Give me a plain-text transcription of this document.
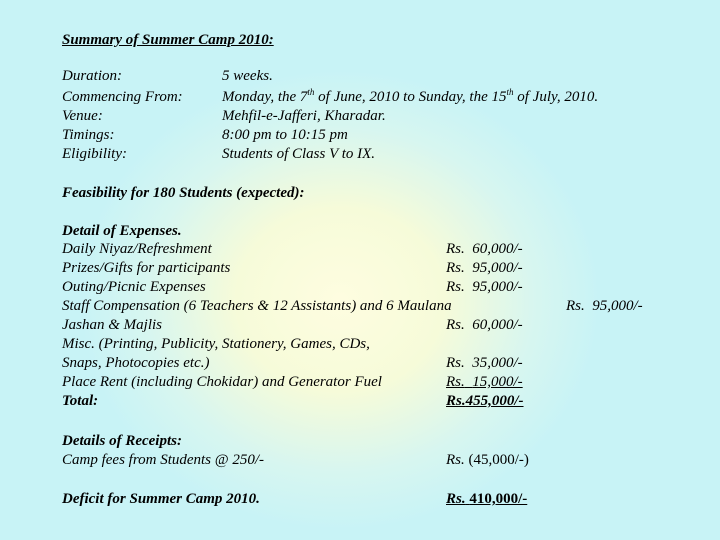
Summary of Summer Camp 2010:
Duration:	5 weeks.
Commencing From:	Monday, the 7th of June, 2010 to Sunday, the 15th of July, 2010.
Venue:	Mehfil-e-Jafferi, Kharadar.
Timings:	8:00 pm to 10:15 pm
Eligibility:	Students of Class V to IX.
Feasibility for 180 Students (expected):
Detail of Expenses.
Daily Niyaz/Refreshment	Rs. 60,000/-
Prizes/Gifts for participants	Rs. 95,000/-
Outing/Picnic Expenses	Rs. 95,000/-
Staff Compensation (6 Teachers & 12 Assistants) and 6 Maulana	Rs. 95,000/-
Jashan & Majlis	Rs. 60,000/-
Misc. (Printing, Publicity, Stationery, Games, CDs,
Snaps, Photocopies etc.)	Rs. 35,000/-
Place Rent (including Chokidar) and Generator Fuel	Rs. 15,000/-
Total:	Rs.455,000/-
Details of Receipts:
Camp fees from Students @ 250/-	Rs. (45,000/-)
Deficit for Summer Camp 2010.	Rs. 410,000/-
